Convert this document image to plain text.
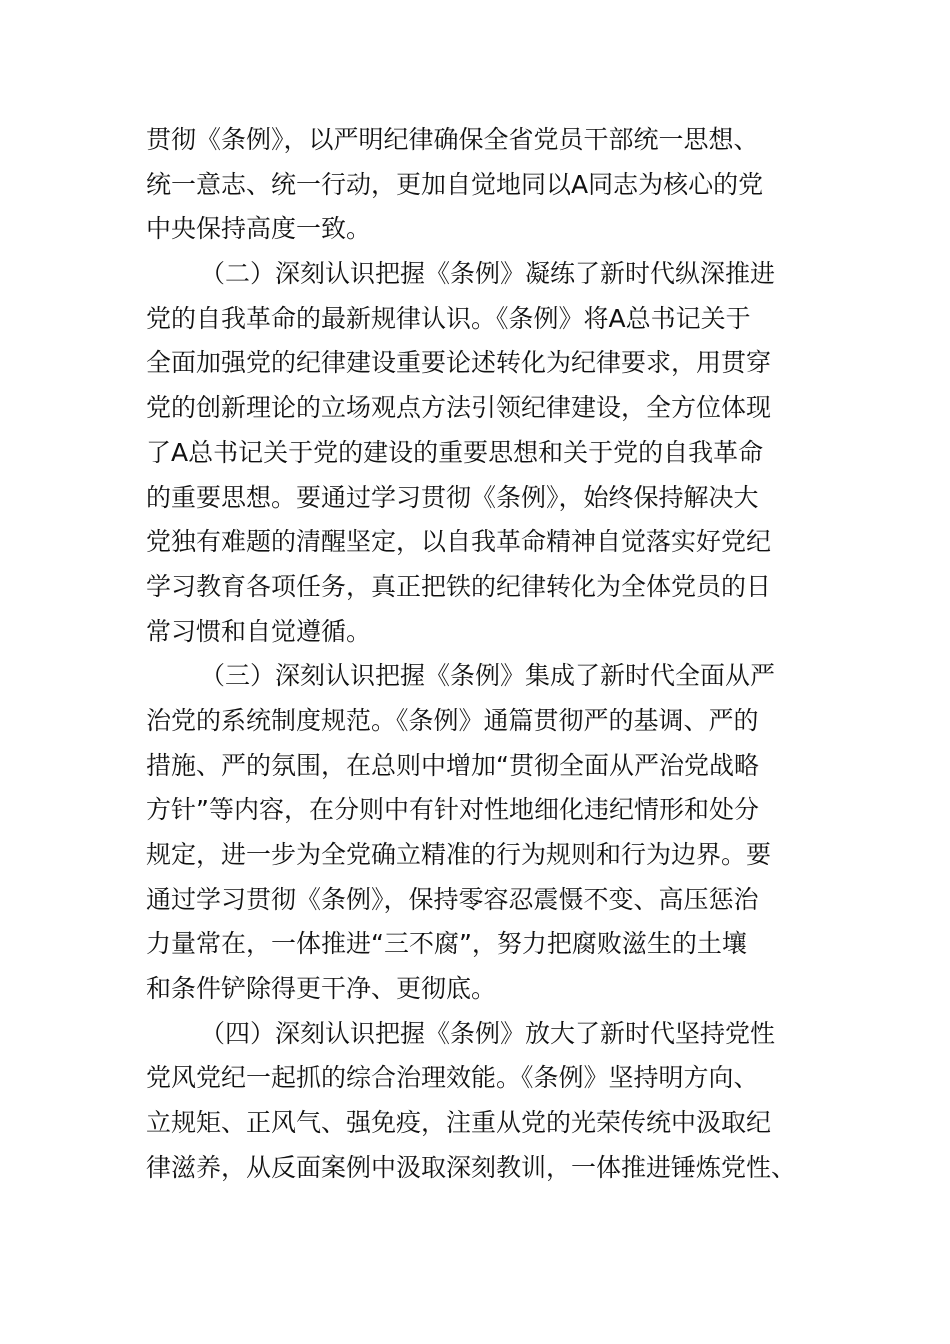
贯彻《条例》，以严明纪律确保全省党员干部统一思想、
统一意志、统一行动，更加自觉地同以A同志为核心的党
中央保持高度一致。
（二）深刻认识把握《条例》凝练了新时代纵深推进
党的自我革命的最新规律认识。《条例》将A总书记关于
全面加强党的纪律建设重要论述转化为纪律要求，用贯穿
党的创新理论的立场观点方法引领纪律建设，全方位体现
了A总书记关于党的建设的重要思想和关于党的自我革命
的重要思想。要通过学习贯彻《条例》，始终保持解决大
党独有难题的清醒坚定，以自我革命精神自觉落实好党纪
学习教育各项任务，真正把铁的纪律转化为全体党员的日
常习惯和自觉遵循。
（三）深刻认识把握《条例》集成了新时代全面从严
治党的系统制度规范。《条例》通篇贯彻严的基调、严的
措施、严的氛围，在总则中增加“贯彻全面从严治党战略
方针”等内容，在分则中有针对性地细化违纪情形和处分
规定，进一步为全党确立精准的行为规则和行为边界。要
通过学习贯彻《条例》，保持零容忍震慑不变、高压惩治
力量常在，一体推进“三不腐”，努力把腐败滋生的土壤
和条件铲除得更干净、更彻底。
（四）深刻认识把握《条例》放大了新时代坚持党性
党风党纪一起抓的综合治理效能。《条例》坚持明方向、
立规矩、正风气、强免疫，注重从党的光荣传统中汲取纪
律滋养，从反面案例中汲取深刻教训，一体推进锤炼党性、
